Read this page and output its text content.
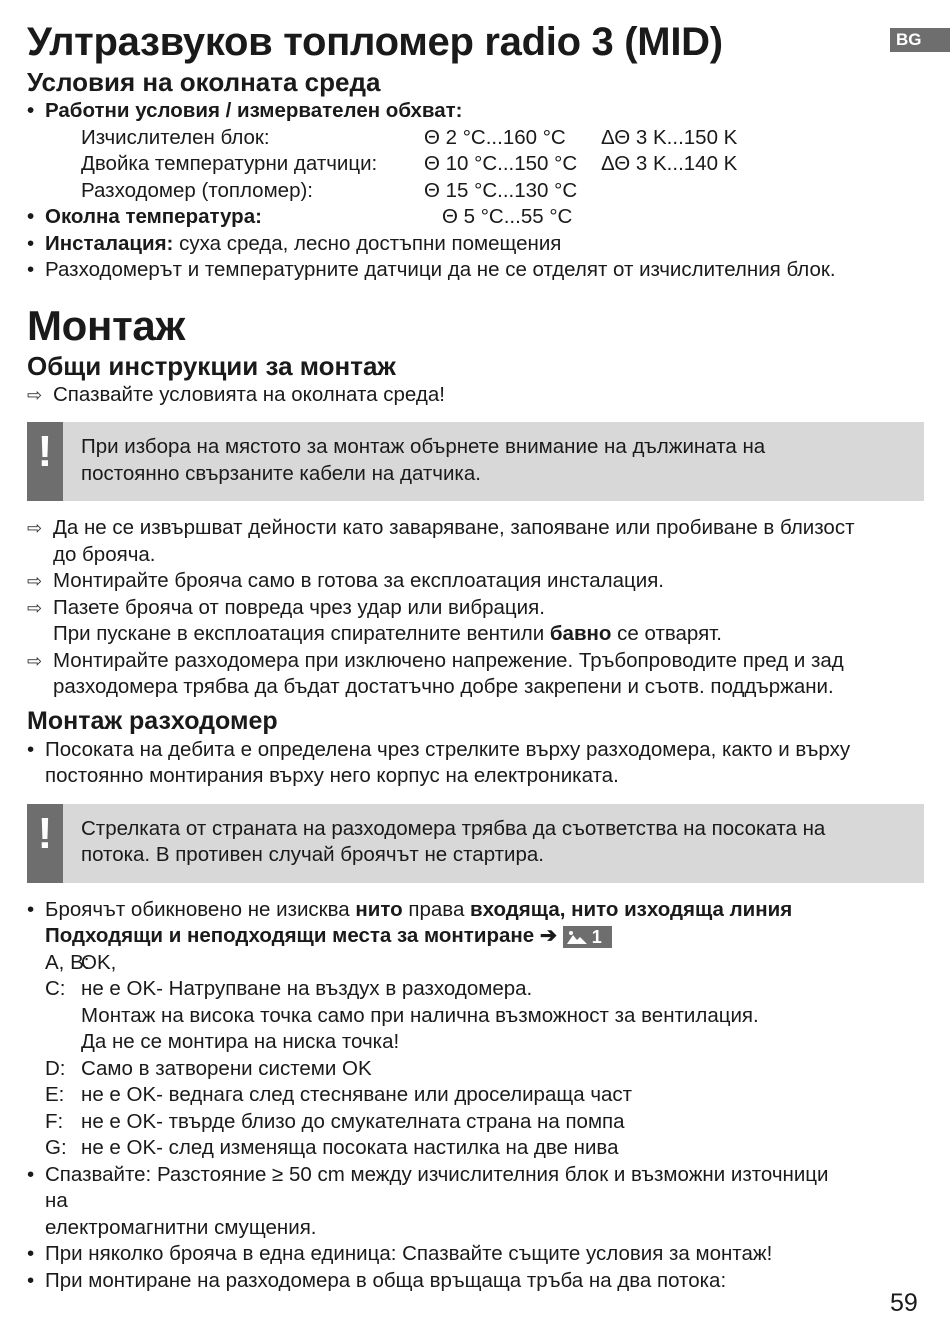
BG
Ултразвуков топломер radio 3 (MID)
Условия на околната среда
• Работни условия / измервателен обхват:
Изчислителен блок:	Θ 2 °C...160 °C	ΔΘ 3 K...150 K
Двойка температурни датчици:	Θ 10 °C...150 °C	ΔΘ 3 K...140 K
Разходомер (топломер):	Θ 15 °C...130 °C
• Околна температура:	Θ 5 °C...55 °C
• Инсталация: суха среда, лесно достъпни помещения
• Разходомерът и температурните датчици да не се отделят от изчислителния блок.
Монтаж
Общи инструкции за монтаж
⇨ Спазвайте условията на околната среда!
!	При избора на мястото за монтаж обърнете внимание на дължината на
постоянно свързаните кабели на датчика.
⇨ Да не се извършват дейности като заваряване, запояване или пробиване в близост
до брояча.
⇨ Монтирайте брояча само в готова за експлоатация инсталация.
⇨ Пазете брояча от повреда чрез удар или вибрация.
При пускане в експлоатация спирателните вентили бавно се отварят.
⇨ Монтирайте разходомера при изключено напрежение. Тръбопроводите пред и зад
разходомера трябва да бъдат достатъчно добре закрепени и съотв. поддържани.
Монтаж разходомер
• Посоката на дебита е определена чрез стрелките върху разходомера, както и върху
постоянно монтирания върху него корпус на електрониката.
!	Стрелката от страната на разходомера трябва да съответства на посоката на
потока. В противен случай броячът не стартира.
• Броячът обикновено не изисква нито права входяща, нито изходяща линия
Подходящи и неподходящи места за монтиране ➔  1
A, B:
OK,
C: не е OK- Натрупване на въздух в разходомера.
Монтаж на висока точка само при налична възможност за вентилация.
Да не се монтира на ниска точка!
D: Само в затворени системи OK
E: не е OK- веднага след стесняване или дроселираща част
F: не е OK- твърде близо до смукателната страна на помпа
G: не е OK- след изменяща посоката настилка на две нива
• Спазвайте: Разстояние ≥ 50 cm между изчислителния блок и възможни източници
на
електромагнитни смущения.
• При няколко брояча в една единица: Спазвайте същите условия за монтаж!
• При монтиране на разходомера в обща връщаща тръба на два потока:
59
